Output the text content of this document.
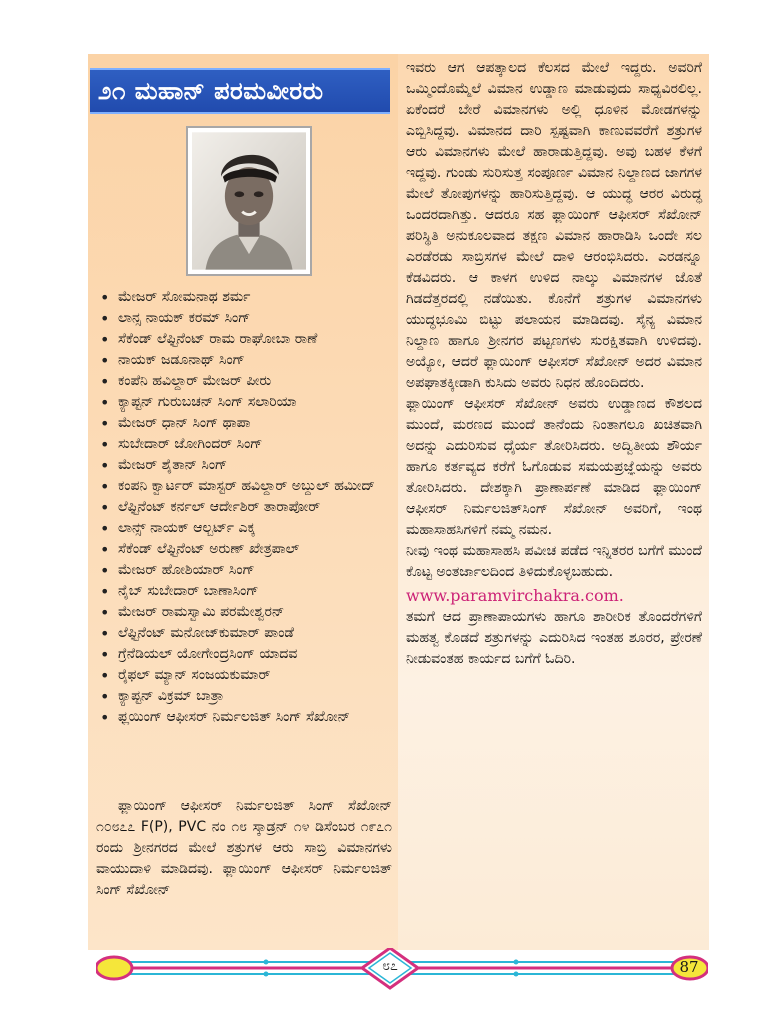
೨೧ ಮಹಾನ್ ಪರಮವೀರರು
• ಮೇಜರ್ ಸೋಮನಾಥ ಶರ್ಮ
• ಲಾನ್ಸ ನಾಯಕ್ ಕರಮ್ ಸಿಂಗ್
• ಸೆಕೆಂಡ್ ಲೆಫ್ಟಿನೆಂಟ್ ರಾಮ ರಾಘೋಬಾ ರಾಣೆ
• ನಾಯಕ್ ಜಡೂನಾಥ್ ಸಿಂಗ್
• ಕಂಪೆನಿ ಹವಿಲ್ದಾರ್ ಮೇಜರ್ ಪೀರು
• ಕ್ಯಾಪ್ಟನ್ ಗುರುಬಚನ್ ಸಿಂಗ್ ಸಲಾರಿಯಾ
• ಮೇಜರ್ ಧಾನ್ ಸಿಂಗ್ ಥಾಪಾ
• ಸುಬೇದಾರ್ ಜೋಗಿಂದರ್ ಸಿಂಗ್
• ಮೇಜರ್ ಶೈತಾನ್ ಸಿಂಗ್
• ಕಂಪನಿ ಕ್ವಾರ್ಟರ್ ಮಾಸ್ಟರ್ ಹವಿಲ್ದಾರ್ ಅಬ್ದುಲ್ ಹಮೀದ್
• ಲೆಫ್ಟಿನೆಂಟ್ ಕರ್ನಲ್ ಆರ್ದೇಶಿರ್ ತಾರಾಪೋರ್
• ಲಾನ್ಸ್ ನಾಯಕ್ ಆಲ್ಬರ್ಟ್ ಎಕ್ಕ
• ಸೆಕೆಂಡ್ ಲೆಫ್ಟಿನೆಂಟ್ ಅರುಣ್ ಖೇತ್ರಪಾಲ್
• ಮೇಜರ್ ಹೋಶಿಯಾರ್ ಸಿಂಗ್
• ನೈಬ್ ಸುಬೇದಾರ್ ಬಾಣಾಸಿಂಗ್
• ಮೇಜರ್ ರಾಮಸ್ವಾಮಿ ಪರಮೇಶ್ವರನ್
• ಲೆಫ್ಟಿನೆಂಟ್ ಮನೋಜ್‌ಕುಮಾರ್ ಪಾಂಡೆ
• ಗ್ರೆನೆಡಿಯಲ್ ಯೋಗೇಂದ್ರಸಿಂಗ್ ಯಾದವ
• ರೈಫಲ್ ಮ್ಯಾನ್ ಸಂಜಯಕುಮಾರ್
• ಕ್ಯಾಪ್ಟನ್ ವಿಕ್ರಮ್ ಬಾತ್ರಾ
• ಫ್ಲಯಿಂಗ್ ಆಫೀಸರ್ ನಿರ್ಮಲಜಿತ್ ಸಿಂಗ್ ಸೆಖೋನ್

ಫ್ಲಾಯಿಂಗ್ ಆಫೀಸರ್ ನಿರ್ಮಲಜಿತ್ ಸಿಂಗ್ ಸೆಖೋನ್ ೧೦೮೭೭ F(P), PVC ನಂ ೧೮ ಸ್ಕಾಡ್ರನ್ ೧೪ ಡಿಸೆಂಬರ ೧೯೭೧ ರಂದು ಶ್ರೀನಗರದ ಮೇಲೆ ಶತ್ರುಗಳ ಆರು ಸಾಬ್ರಿ ವಿಮಾನಗಳು ವಾಯುದಾಳಿ ಮಾಡಿದವು. ಫ್ಲಾಯಿಂಗ್ ಆಫೀಸರ್ ನಿರ್ಮಲಜಿತ್ ಸಿಂಗ್ ಸೆಖೋನ್

ಇವರು ಆಗ ಆಪತ್ಕಾಲದ ಕೆಲಸದ ಮೇಲೆ ಇದ್ದರು. ಅವರಿಗೆ ಒಮ್ಮಿಂದೊಮ್ಮೆಲೆ ವಿಮಾನ ಉಡ್ಡಾಣ ಮಾಡುವುದು ಸಾಧ್ಯವಿರಲಿಲ್ಲ. ಏಕೆಂದರೆ ಬೇರೆ ವಿಮಾನಗಳು ಅಲ್ಲಿ ಧೂಳಿನ ಮೋಡಗಳನ್ನು ಎಬ್ಬಿಸಿದ್ದವು. ವಿಮಾನದ ದಾರಿ ಸ್ಪಷ್ಟವಾಗಿ ಕಾಣುವವರೆಗೆ ಶತ್ರುಗಳ ಆರು ವಿಮಾನಗಳು ಮೇಲೆ ಹಾರಾಡುತ್ತಿದ್ದವು. ಅವು ಬಹಳ ಕೆಳಗೆ ಇದ್ದವು. ಗುಂಡು ಸುರಿಸುತ್ತ ಸಂಪೂರ್ಣ ವಿಮಾನ ನಿಲ್ದಾಣದ ಜಾಗಗಳ ಮೇಲೆ ತೋಪುಗಳನ್ನು ಹಾರಿಸುತ್ತಿದ್ದವು. ಆ ಯುದ್ಧ ಆರರ ವಿರುದ್ಧ ಒಂದರದಾಗಿತ್ತು. ಆದರೂ ಸಹ ಫ್ಲಾಯಿಂಗ್ ಆಫೀಸರ್ ಸೆಖೋನ್ ಪರಿಸ್ಥಿತಿ ಅನುಕೂಲವಾದ ತಕ್ಷಣ ವಿಮಾನ ಹಾರಾಡಿಸಿ ಒಂದೇ ಸಲ ಎರಡೆರಡು ಸಾಬ್ರಿಸಗಳ ಮೇಲೆ ದಾಳಿ ಆರಂಭಿಸಿದರು. ಎರಡನ್ನೂ ಕೆಡವಿದರು. ಆ ಕಾಳಗ ಉಳಿದ ನಾಲ್ಕು ವಿಮಾನಗಳ ಜೊತೆ ಗಿಡದೆತ್ತರದಲ್ಲಿ ನಡೆಯಿತು. ಕೊನೆಗೆ ಶತ್ರುಗಳ ವಿಮಾನಗಳು ಯುದ್ಧಭೂಮಿ ಬಿಟ್ಟು ಪಲಾಯನ ಮಾಡಿದವು. ಸೈನ್ಯ ವಿಮಾನ ನಿಲ್ದಾಣ ಹಾಗೂ ಶ್ರೀನಗರ ಪಟ್ಟಣಗಳು ಸುರಕ್ಷಿತವಾಗಿ ಉಳಿದವು. ಅಯ್ಯೋ, ಆದರೆ ಫ್ಲಾಯಿಂಗ್ ಆಫೀಸರ್ ಸೆಖೋನ್ ಅದರ ವಿಮಾನ ಅಪಘಾತಕ್ಕೀಡಾಗಿ ಕುಸಿದು ಅವರು ನಿಧನ ಹೊಂದಿದರು.

ಫ್ಲಾಯಿಂಗ್ ಆಫೀಸರ್ ಸೆಖೋನ್ ಅವರು ಉಡ್ಡಾಣದ ಕೌಶಲದ ಮುಂದೆ, ಮರಣದ ಮುಂದೆ ತಾನೆಂದು ನಿಂತಾಗಲೂ ಖಚಿತವಾಗಿ ಅದನ್ನು ಎದುರಿಸುವ ಧೈರ್ಯ ತೋರಿಸಿದರು. ಅದ್ವಿತೀಯ ಶೌರ್ಯ ಹಾಗೂ ಕರ್ತವ್ಯದ ಕರೆಗೆ ಓಗೊಡುವ ಸಮಯಪ್ರಜ್ಞೆಯನ್ನು ಅವರು ತೋರಿಸಿದರು. ದೇಶಕ್ಕಾಗಿ ಪ್ರಾಣಾರ್ಪಣೆ ಮಾಡಿದ ಫ್ಲಾಯಿಂಗ್ ಆಫೀಸರ್ ನಿರ್ಮಲಜಿತ್‌ಸಿಂಗ್ ಸೆಖೋನ್ ಅವರಿಗೆ, ಇಂಥ ಮಹಾಸಾಹಸಿಗಳಿಗೆ ನಮ್ಮ ನಮನ.

ನೀವು ಇಂಥ ಮಹಾಸಾಹಸಿ ಪವೀಚ ಪಡೆದ ಇನ್ನಿತರರ ಬಗೆಗೆ ಮುಂದೆ ಕೊಟ್ಟ ಅಂತರ್ಜಾಲದಿಂದ ತಿಳಿದುಕೊಳ್ಳಬಹುದು.

www.paramvirchakra.com.

ತಮಗೆ ಆದ ಪ್ರಾಣಾಪಾಯಗಳು ಹಾಗೂ ಶಾರೀರಿಕ ತೊಂದರೆಗಳಿಗೆ ಮಹತ್ವ ಕೊಡದೆ ಶತ್ರುಗಳನ್ನು ಎದುರಿಸಿದ ಇಂತಹ ಶೂರರ, ಪ್ರೇರಣೆ ನೀಡುವಂತಹ ಕಾರ್ಯದ ಬಗೆಗೆ ಓದಿರಿ.

೮೭	87
